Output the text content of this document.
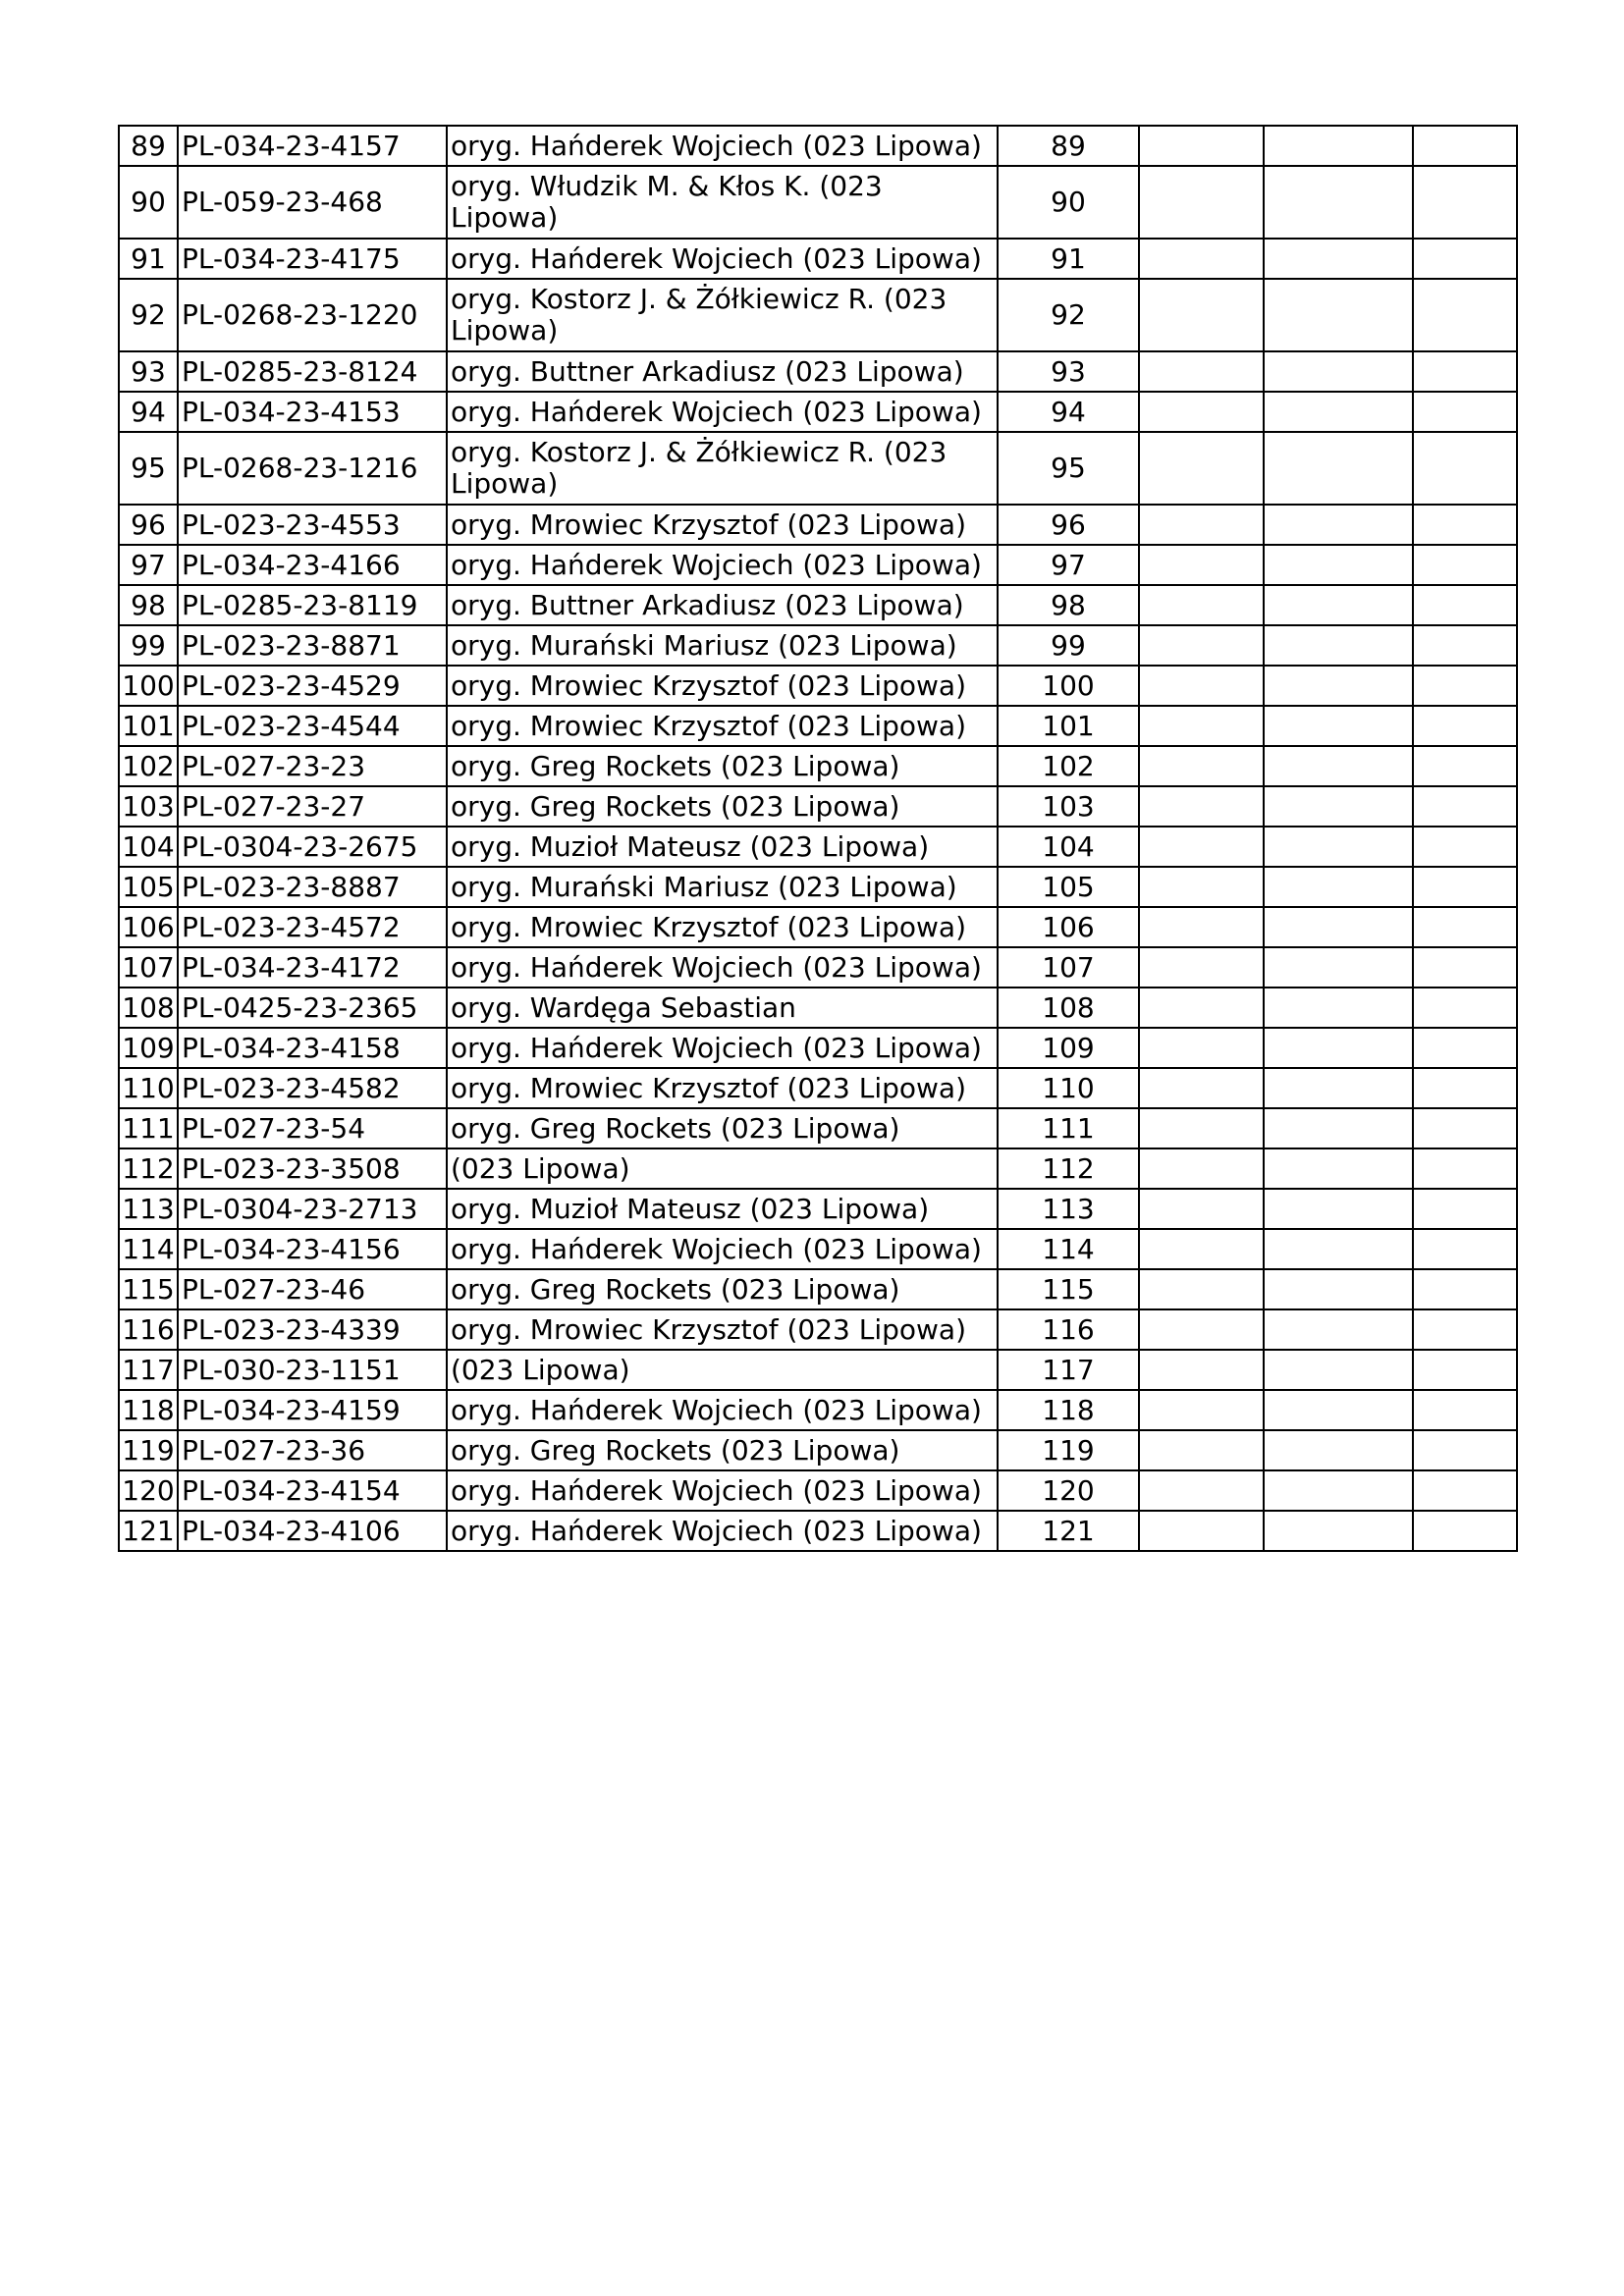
89	PL-034-23-4157	oryg. Hańderek Wojciech (023 Lipowa)	89			
90	PL-059-23-468	oryg. Włudzik M. & Kłos K. (023 Lipowa)	90			
91	PL-034-23-4175	oryg. Hańderek Wojciech (023 Lipowa)	91			
92	PL-0268-23-1220	oryg. Kostorz J. & Żółkiewicz R. (023 Lipowa)	92			
93	PL-0285-23-8124	oryg. Buttner Arkadiusz (023 Lipowa)	93			
94	PL-034-23-4153	oryg. Hańderek Wojciech (023 Lipowa)	94			
95	PL-0268-23-1216	oryg. Kostorz J. & Żółkiewicz R. (023 Lipowa)	95			
96	PL-023-23-4553	oryg. Mrowiec Krzysztof (023 Lipowa)	96			
97	PL-034-23-4166	oryg. Hańderek Wojciech (023 Lipowa)	97			
98	PL-0285-23-8119	oryg. Buttner Arkadiusz (023 Lipowa)	98			
99	PL-023-23-8871	oryg. Murański Mariusz (023 Lipowa)	99			
100	PL-023-23-4529	oryg. Mrowiec Krzysztof (023 Lipowa)	100			
101	PL-023-23-4544	oryg. Mrowiec Krzysztof (023 Lipowa)	101			
102	PL-027-23-23	oryg. Greg Rockets (023 Lipowa)	102			
103	PL-027-23-27	oryg. Greg Rockets (023 Lipowa)	103			
104	PL-0304-23-2675	oryg. Muzioł Mateusz (023 Lipowa)	104			
105	PL-023-23-8887	oryg. Murański Mariusz (023 Lipowa)	105			
106	PL-023-23-4572	oryg. Mrowiec Krzysztof (023 Lipowa)	106			
107	PL-034-23-4172	oryg. Hańderek Wojciech (023 Lipowa)	107			
108	PL-0425-23-2365	oryg. Wardęga Sebastian	108			
109	PL-034-23-4158	oryg. Hańderek Wojciech (023 Lipowa)	109			
110	PL-023-23-4582	oryg. Mrowiec Krzysztof (023 Lipowa)	110			
111	PL-027-23-54	oryg. Greg Rockets (023 Lipowa)	111			
112	PL-023-23-3508	(023 Lipowa)	112			
113	PL-0304-23-2713	oryg. Muzioł Mateusz (023 Lipowa)	113			
114	PL-034-23-4156	oryg. Hańderek Wojciech (023 Lipowa)	114			
115	PL-027-23-46	oryg. Greg Rockets (023 Lipowa)	115			
116	PL-023-23-4339	oryg. Mrowiec Krzysztof (023 Lipowa)	116			
117	PL-030-23-1151	(023 Lipowa)	117			
118	PL-034-23-4159	oryg. Hańderek Wojciech (023 Lipowa)	118			
119	PL-027-23-36	oryg. Greg Rockets (023 Lipowa)	119			
120	PL-034-23-4154	oryg. Hańderek Wojciech (023 Lipowa)	120			
121	PL-034-23-4106	oryg. Hańderek Wojciech (023 Lipowa)	121			
